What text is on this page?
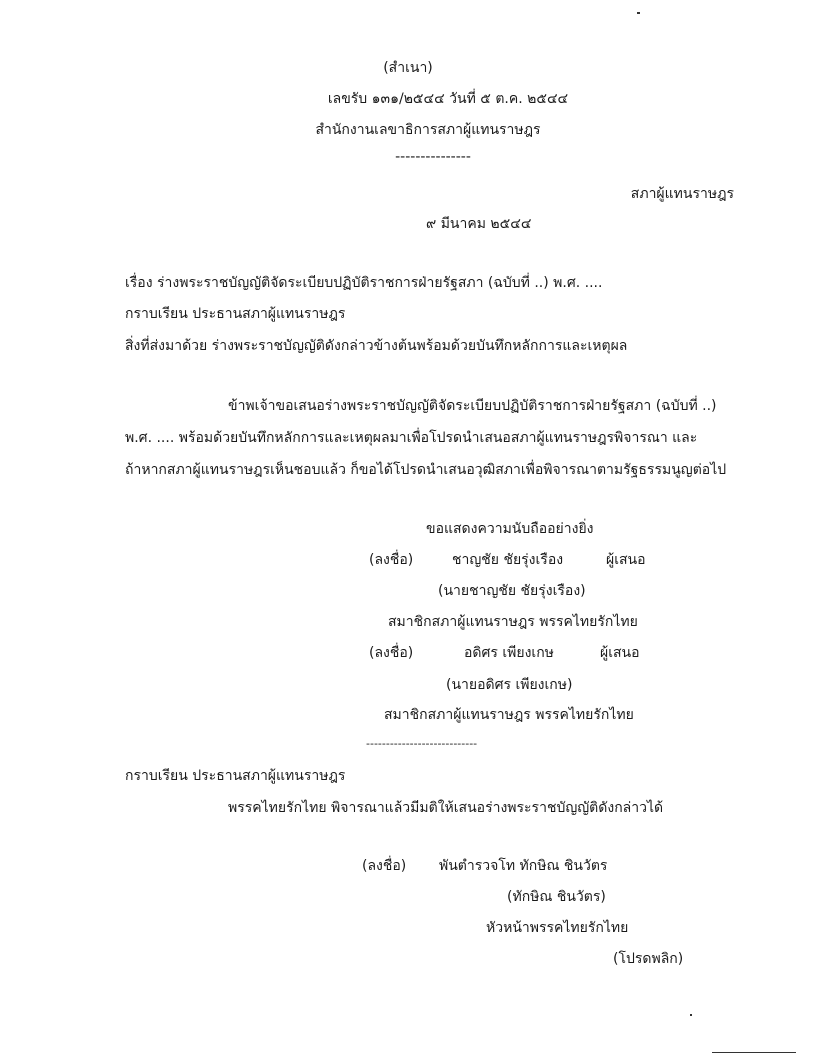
(สำเนา)
เลขรับ ๑๓๑/๒๕๔๔ วันที่ ๕ ต.ค. ๒๕๔๔
สำนักงานเลขาธิการสภาผู้แทนราษฎร
---------------
สภาผู้แทนราษฎร
๙ มีนาคม ๒๕๔๔
เรื่อง ร่างพระราชบัญญัติจัดระเบียบปฏิบัติราชการฝ่ายรัฐสภา (ฉบับที่ ..) พ.ศ. ....
กราบเรียน ประธานสภาผู้แทนราษฎร
สิ่งที่ส่งมาด้วย ร่างพระราชบัญญัติดังกล่าวข้างต้นพร้อมด้วยบันทึกหลักการและเหตุผล
ข้าพเจ้าขอเสนอร่างพระราชบัญญัติจัดระเบียบปฏิบัติราชการฝ่ายรัฐสภา (ฉบับที่ ..)
พ.ศ. .... พร้อมด้วยบันทึกหลักการและเหตุผลมาเพื่อโปรดนำเสนอสภาผู้แทนราษฎรพิจารณา และ
ถ้าหากสภาผู้แทนราษฎรเห็นชอบแล้ว ก็ขอได้โปรดนำเสนอวุฒิสภาเพื่อพิจารณาตามรัฐธรรมนูญต่อไป
ขอแสดงความนับถืออย่างยิ่ง
(ลงชื่อ)	ชาญชัย ชัยรุ่งเรือง	ผู้เสนอ
(นายชาญชัย ชัยรุ่งเรือง)
สมาชิกสภาผู้แทนราษฎร พรรคไทยรักไทย
(ลงชื่อ)	อดิศร เพียงเกษ	ผู้เสนอ
(นายอดิศร เพียงเกษ)
สมาชิกสภาผู้แทนราษฎร พรรคไทยรักไทย
----------------------------
กราบเรียน ประธานสภาผู้แทนราษฎร
พรรคไทยรักไทย พิจารณาแล้วมีมติให้เสนอร่างพระราชบัญญัติดังกล่าวได้
(ลงชื่อ) พันตำรวจโท ทักษิณ ชินวัตร
(ทักษิณ ชินวัตร)
หัวหน้าพรรคไทยรักไทย
(โปรดพลิก)
